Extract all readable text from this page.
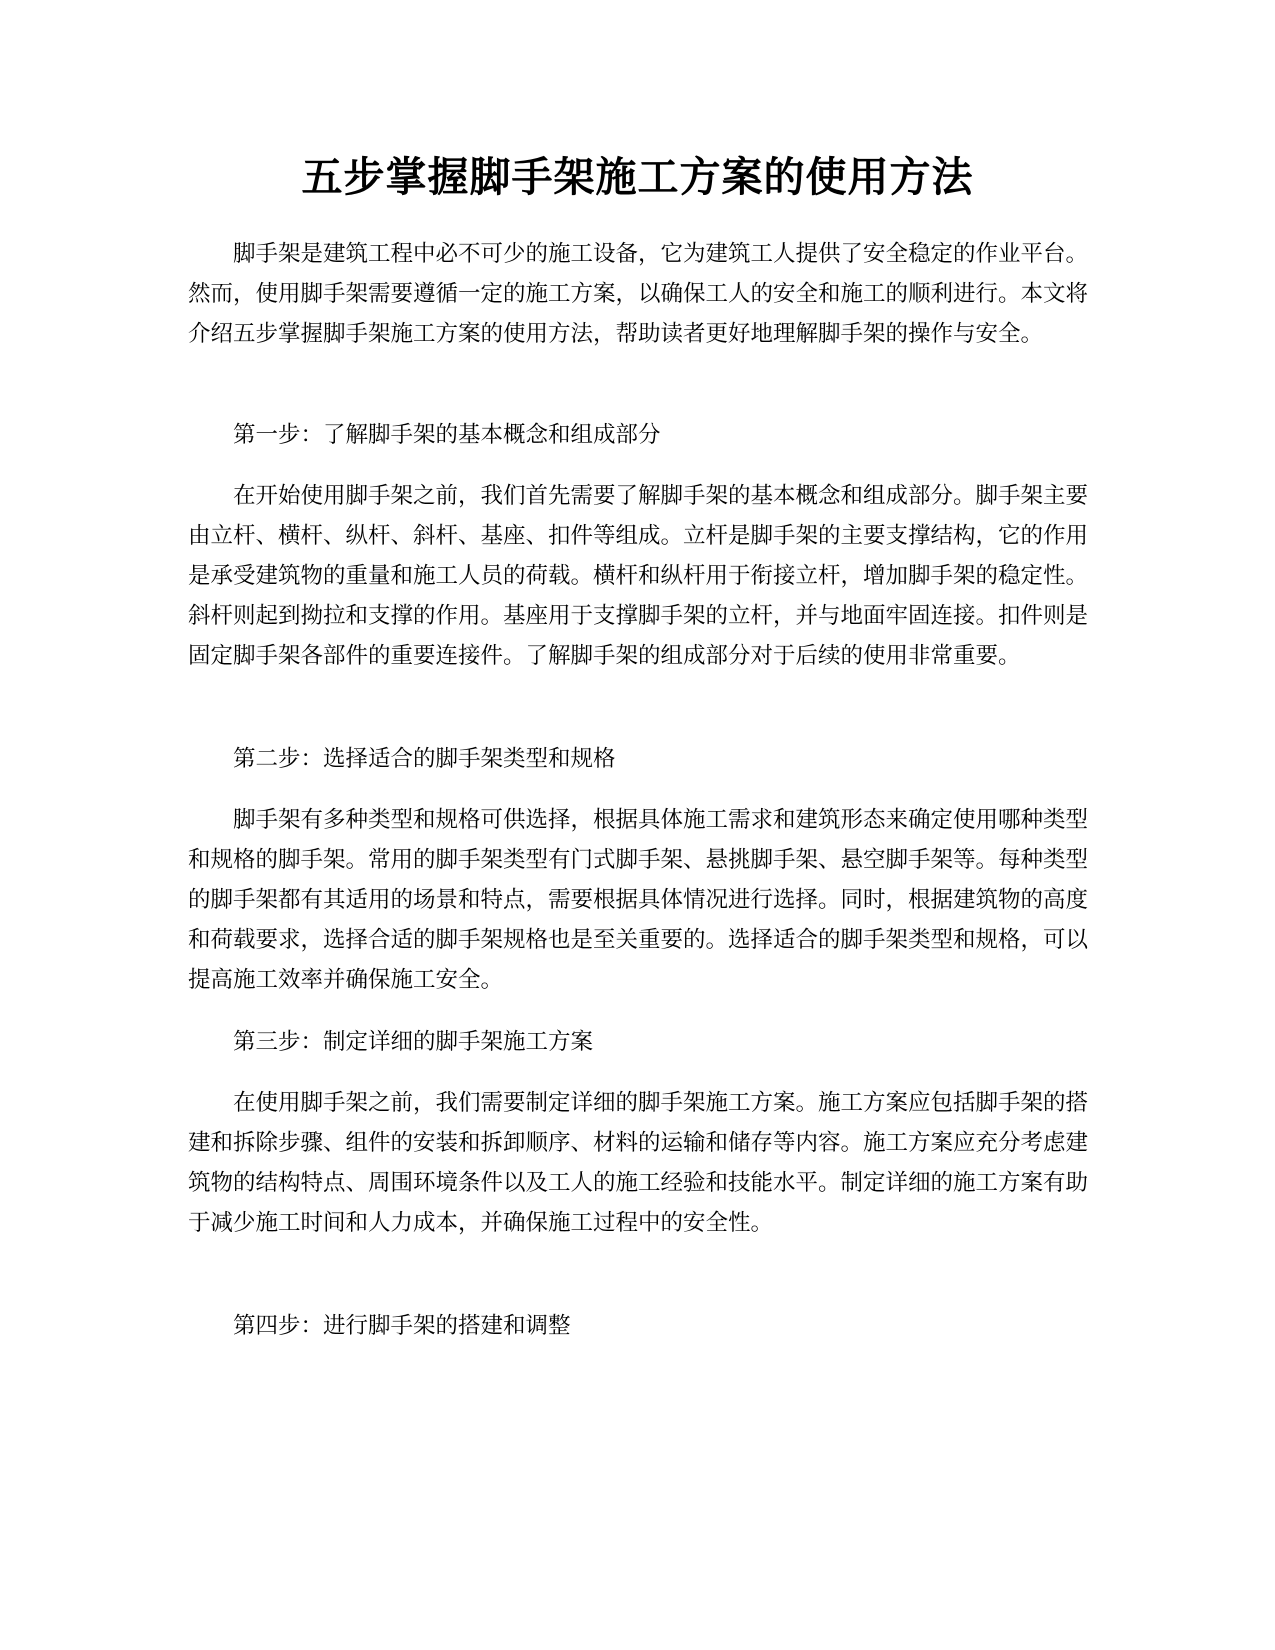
五步掌握脚手架施工方案的使用方法

脚手架是建筑工程中必不可少的施工设备，它为建筑工人提供了安全稳定的作业平台。然而，使用脚手架需要遵循一定的施工方案，以确保工人的安全和施工的顺利进行。本文将介绍五步掌握脚手架施工方案的使用方法，帮助读者更好地理解脚手架的操作与安全。

第一步：了解脚手架的基本概念和组成部分

在开始使用脚手架之前，我们首先需要了解脚手架的基本概念和组成部分。脚手架主要由立杆、横杆、纵杆、斜杆、基座、扣件等组成。立杆是脚手架的主要支撑结构，它的作用是承受建筑物的重量和施工人员的荷载。横杆和纵杆用于衔接立杆，增加脚手架的稳定性。斜杆则起到拗拉和支撑的作用。基座用于支撑脚手架的立杆，并与地面牢固连接。扣件则是固定脚手架各部件的重要连接件。了解脚手架的组成部分对于后续的使用非常重要。

第二步：选择适合的脚手架类型和规格

脚手架有多种类型和规格可供选择，根据具体施工需求和建筑形态来确定使用哪种类型和规格的脚手架。常用的脚手架类型有门式脚手架、悬挑脚手架、悬空脚手架等。每种类型的脚手架都有其适用的场景和特点，需要根据具体情况进行选择。同时，根据建筑物的高度和荷载要求，选择合适的脚手架规格也是至关重要的。选择适合的脚手架类型和规格，可以提高施工效率并确保施工安全。

第三步：制定详细的脚手架施工方案

在使用脚手架之前，我们需要制定详细的脚手架施工方案。施工方案应包括脚手架的搭建和拆除步骤、组件的安装和拆卸顺序、材料的运输和储存等内容。施工方案应充分考虑建筑物的结构特点、周围环境条件以及工人的施工经验和技能水平。制定详细的施工方案有助于减少施工时间和人力成本，并确保施工过程中的安全性。

第四步：进行脚手架的搭建和调整
